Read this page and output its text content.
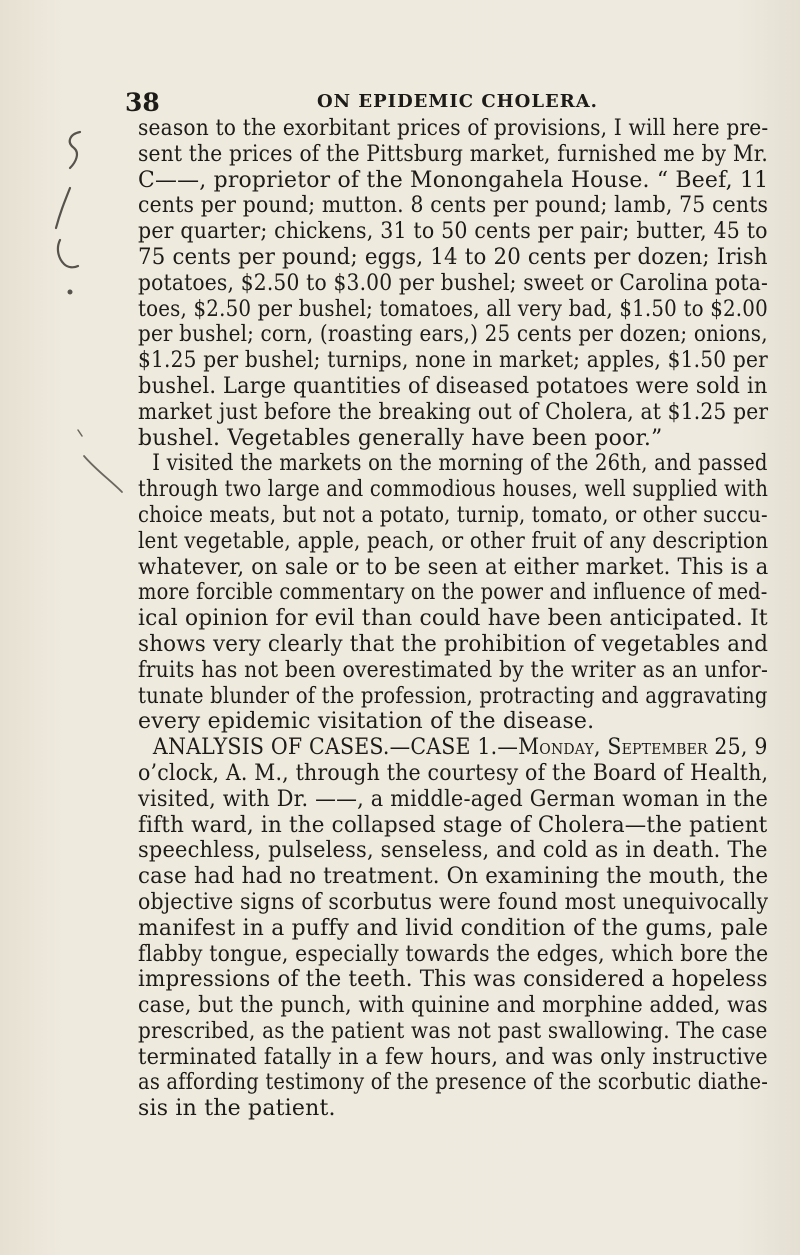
38	ON EPIDEMIC CHOLERA.
season to the exorbitant prices of provisions, I will here pre-
sent the prices of the Pittsburg market, furnished me by Mr.
C——, proprietor of the Monongahela House. “ Beef, 11
cents per pound; mutton. 8 cents per pound; lamb, 75 cents
per quarter; chickens, 31 to 50 cents per pair; butter, 45 to
75 cents per pound; eggs, 14 to 20 cents per dozen; Irish
potatoes, $2.50 to $3.00 per bushel; sweet or Carolina pota-
toes, $2.50 per bushel; tomatoes, all very bad, $1.50 to $2.00
per bushel; corn, (roasting ears,) 25 cents per dozen; onions,
$1.25 per bushel; turnips, none in market; apples, $1.50 per
bushel. Large quantities of diseased potatoes were sold in
market just before the breaking out of Cholera, at $1.25 per
bushel. Vegetables generally have been poor.”
I visited the markets on the morning of the 26th, and passed
through two large and commodious houses, well supplied with
choice meats, but not a potato, turnip, tomato, or other succu-
lent vegetable, apple, peach, or other fruit of any description
whatever, on sale or to be seen at either market. This is a
more forcible commentary on the power and influence of med-
ical opinion for evil than could have been anticipated. It
shows very clearly that the prohibition of vegetables and
fruits has not been overestimated by the writer as an unfor-
tunate blunder of the profession, protracting and aggravating
every epidemic visitation of the disease.
ANALYSIS OF CASES.—CASE 1.—Monday, September 25, 9
o’clock, A. M., through the courtesy of the Board of Health,
visited, with Dr. ——, a middle-aged German woman in the
fifth ward, in the collapsed stage of Cholera—the patient
speechless, pulseless, senseless, and cold as in death. The
case had had no treatment. On examining the mouth, the
objective signs of scorbutus were found most unequivocally
manifest in a puffy and livid condition of the gums, pale
flabby tongue, especially towards the edges, which bore the
impressions of the teeth. This was considered a hopeless
case, but the punch, with quinine and morphine added, was
prescribed, as the patient was not past swallowing. The case
terminated fatally in a few hours, and was only instructive
as affording testimony of the presence of the scorbutic diathe-
sis in the patient.
